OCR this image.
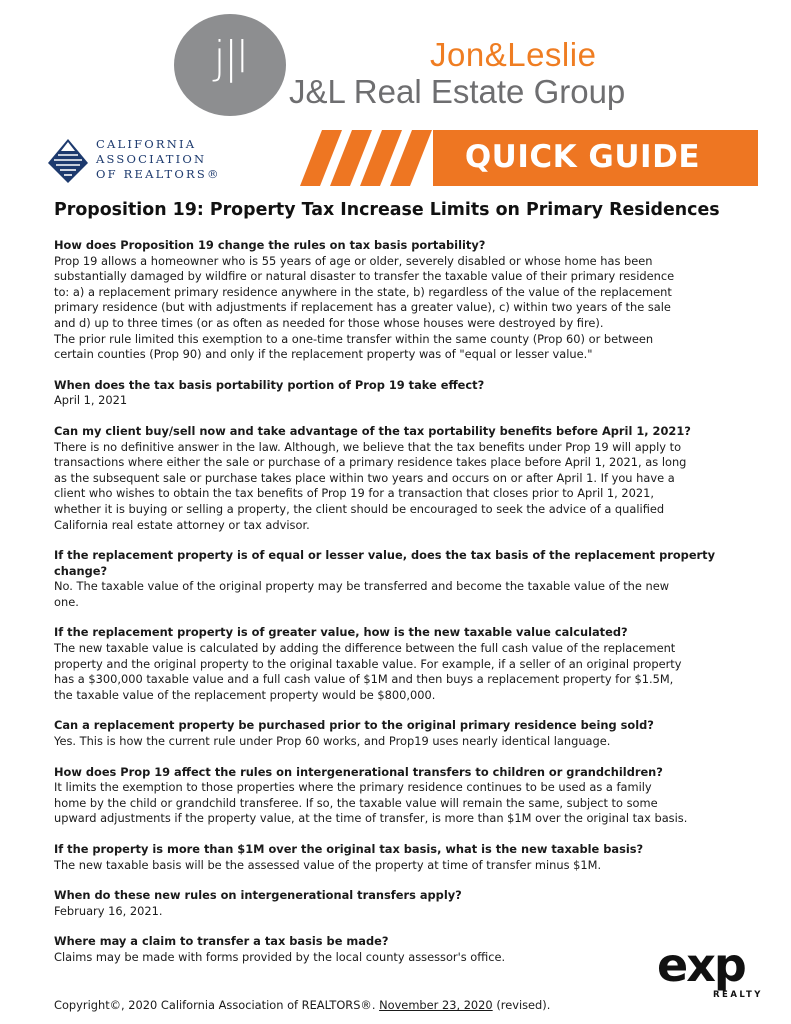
j|l	Jon&Leslie
J&L Real Estate Group
CALIFORNIA
ASSOCIATION
OF REALTORS®	QUICK GUIDE
Proposition 19: Property Tax Increase Limits on Primary Residences
How does Proposition 19 change the rules on tax basis portability?
Prop 19 allows a homeowner who is 55 years of age or older, severely disabled or whose home has been
substantially damaged by wildfire or natural disaster to transfer the taxable value of their primary residence
to: a) a replacement primary residence anywhere in the state, b) regardless of the value of the replacement
primary residence (but with adjustments if replacement has a greater value), c) within two years of the sale
and d) up to three times (or as often as needed for those whose houses were destroyed by fire).
The prior rule limited this exemption to a one-time transfer within the same county (Prop 60) or between
certain counties (Prop 90) and only if the replacement property was of "equal or lesser value."
When does the tax basis portability portion of Prop 19 take effect?
April 1, 2021
Can my client buy/sell now and take advantage of the tax portability benefits before April 1, 2021?
There is no definitive answer in the law. Although, we believe that the tax benefits under Prop 19 will apply to
transactions where either the sale or purchase of a primary residence takes place before April 1, 2021, as long
as the subsequent sale or purchase takes place within two years and occurs on or after April 1. If you have a
client who wishes to obtain the tax benefits of Prop 19 for a transaction that closes prior to April 1, 2021,
whether it is buying or selling a property, the client should be encouraged to seek the advice of a qualified
California real estate attorney or tax advisor.
If the replacement property is of equal or lesser value, does the tax basis of the replacement property
change?
No. The taxable value of the original property may be transferred and become the taxable value of the new
one.
If the replacement property is of greater value, how is the new taxable value calculated?
The new taxable value is calculated by adding the difference between the full cash value of the replacement
property and the original property to the original taxable value. For example, if a seller of an original property
has a $300,000 taxable value and a full cash value of $1M and then buys a replacement property for $1.5M,
the taxable value of the replacement property would be $800,000.
Can a replacement property be purchased prior to the original primary residence being sold?
Yes. This is how the current rule under Prop 60 works, and Prop19 uses nearly identical language.
How does Prop 19 affect the rules on intergenerational transfers to children or grandchildren?
It limits the exemption to those properties where the primary residence continues to be used as a family
home by the child or grandchild transferee. If so, the taxable value will remain the same, subject to some
upward adjustments if the property value, at the time of transfer, is more than $1M over the original tax basis.
If the property is more than $1M over the original tax basis, what is the new taxable basis?
The new taxable basis will be the assessed value of the property at time of transfer minus $1M.
When do these new rules on intergenerational transfers apply?
February 16, 2021.
Where may a claim to transfer a tax basis be made?
Claims may be made with forms provided by the local county assessor's office.
Copyright©, 2020 California Association of REALTORS®. November 23, 2020 (revised).
exp
REALTY
